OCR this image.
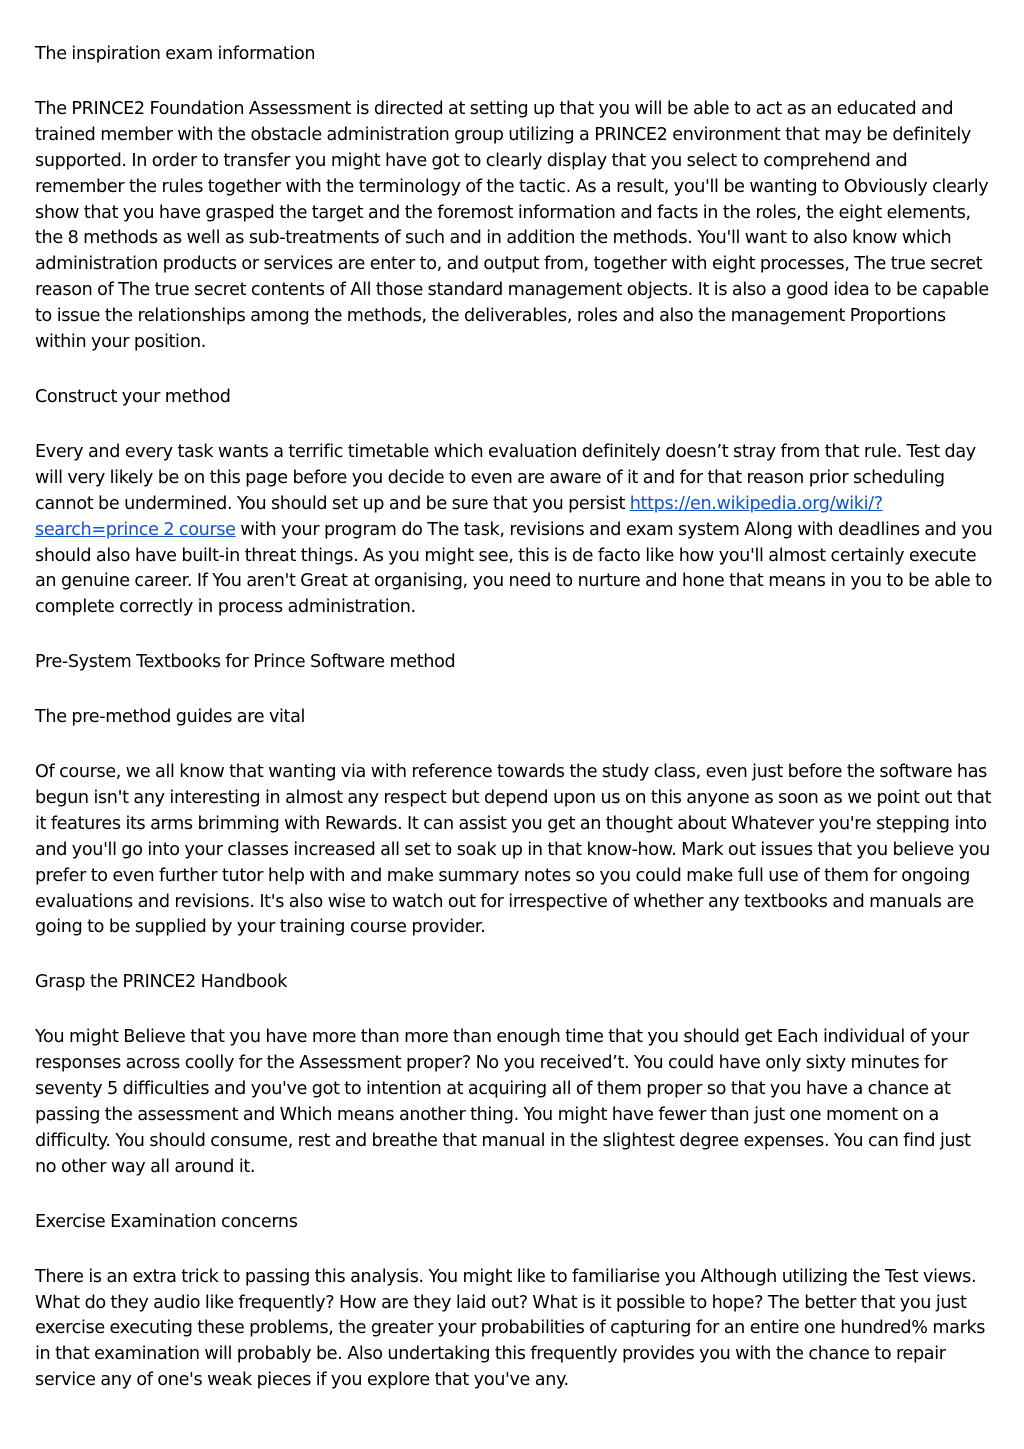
The inspiration exam information

The PRINCE2 Foundation Assessment is directed at setting up that you will be able to act as an educated and trained member with the obstacle administration group utilizing a PRINCE2 environment that may be definitely supported. In order to transfer you might have got to clearly display that you select to comprehend and remember the rules together with the terminology of the tactic. As a result, you'll be wanting to Obviously clearly show that you have grasped the target and the foremost information and facts in the roles, the eight elements, the 8 methods as well as sub-treatments of such and in addition the methods. You'll want to also know which administration products or services are enter to, and output from, together with eight processes, The true secret reason of The true secret contents of All those standard management objects. It is also a good idea to be capable to issue the relationships among the methods, the deliverables, roles and also the management Proportions within your position.

Construct your method

Every and every task wants a terrific timetable which evaluation definitely doesn’t stray from that rule. Test day will very likely be on this page before you decide to even are aware of it and for that reason prior scheduling cannot be undermined. You should set up and be sure that you persist https://en.wikipedia.org/wiki/?search=prince 2 course with your program do The task, revisions and exam system Along with deadlines and you should also have built-in threat things. As you might see, this is de facto like how you'll almost certainly execute an genuine career. If You aren't Great at organising, you need to nurture and hone that means in you to be able to complete correctly in process administration.

Pre-System Textbooks for Prince Software method

The pre-method guides are vital

Of course, we all know that wanting via with reference towards the study class, even just before the software has begun isn't any interesting in almost any respect but depend upon us on this anyone as soon as we point out that it features its arms brimming with Rewards. It can assist you get an thought about Whatever you're stepping into and you'll go into your classes increased all set to soak up in that know-how. Mark out issues that you believe you prefer to even further tutor help with and make summary notes so you could make full use of them for ongoing evaluations and revisions. It's also wise to watch out for irrespective of whether any textbooks and manuals are going to be supplied by your training course provider.

Grasp the PRINCE2 Handbook

You might Believe that you have more than more than enough time that you should get Each individual of your responses across coolly for the Assessment proper? No you received’t. You could have only sixty minutes for seventy 5 difficulties and you've got to intention at acquiring all of them proper so that you have a chance at passing the assessment and Which means another thing. You might have fewer than just one moment on a difficulty. You should consume, rest and breathe that manual in the slightest degree expenses. You can find just no other way all around it.

Exercise Examination concerns

There is an extra trick to passing this analysis. You might like to familiarise you Although utilizing the Test views. What do they audio like frequently? How are they laid out? What is it possible to hope? The better that you just exercise executing these problems, the greater your probabilities of capturing for an entire one hundred% marks in that examination will probably be. Also undertaking this frequently provides you with the chance to repair service any of one's weak pieces if you explore that you've any.
